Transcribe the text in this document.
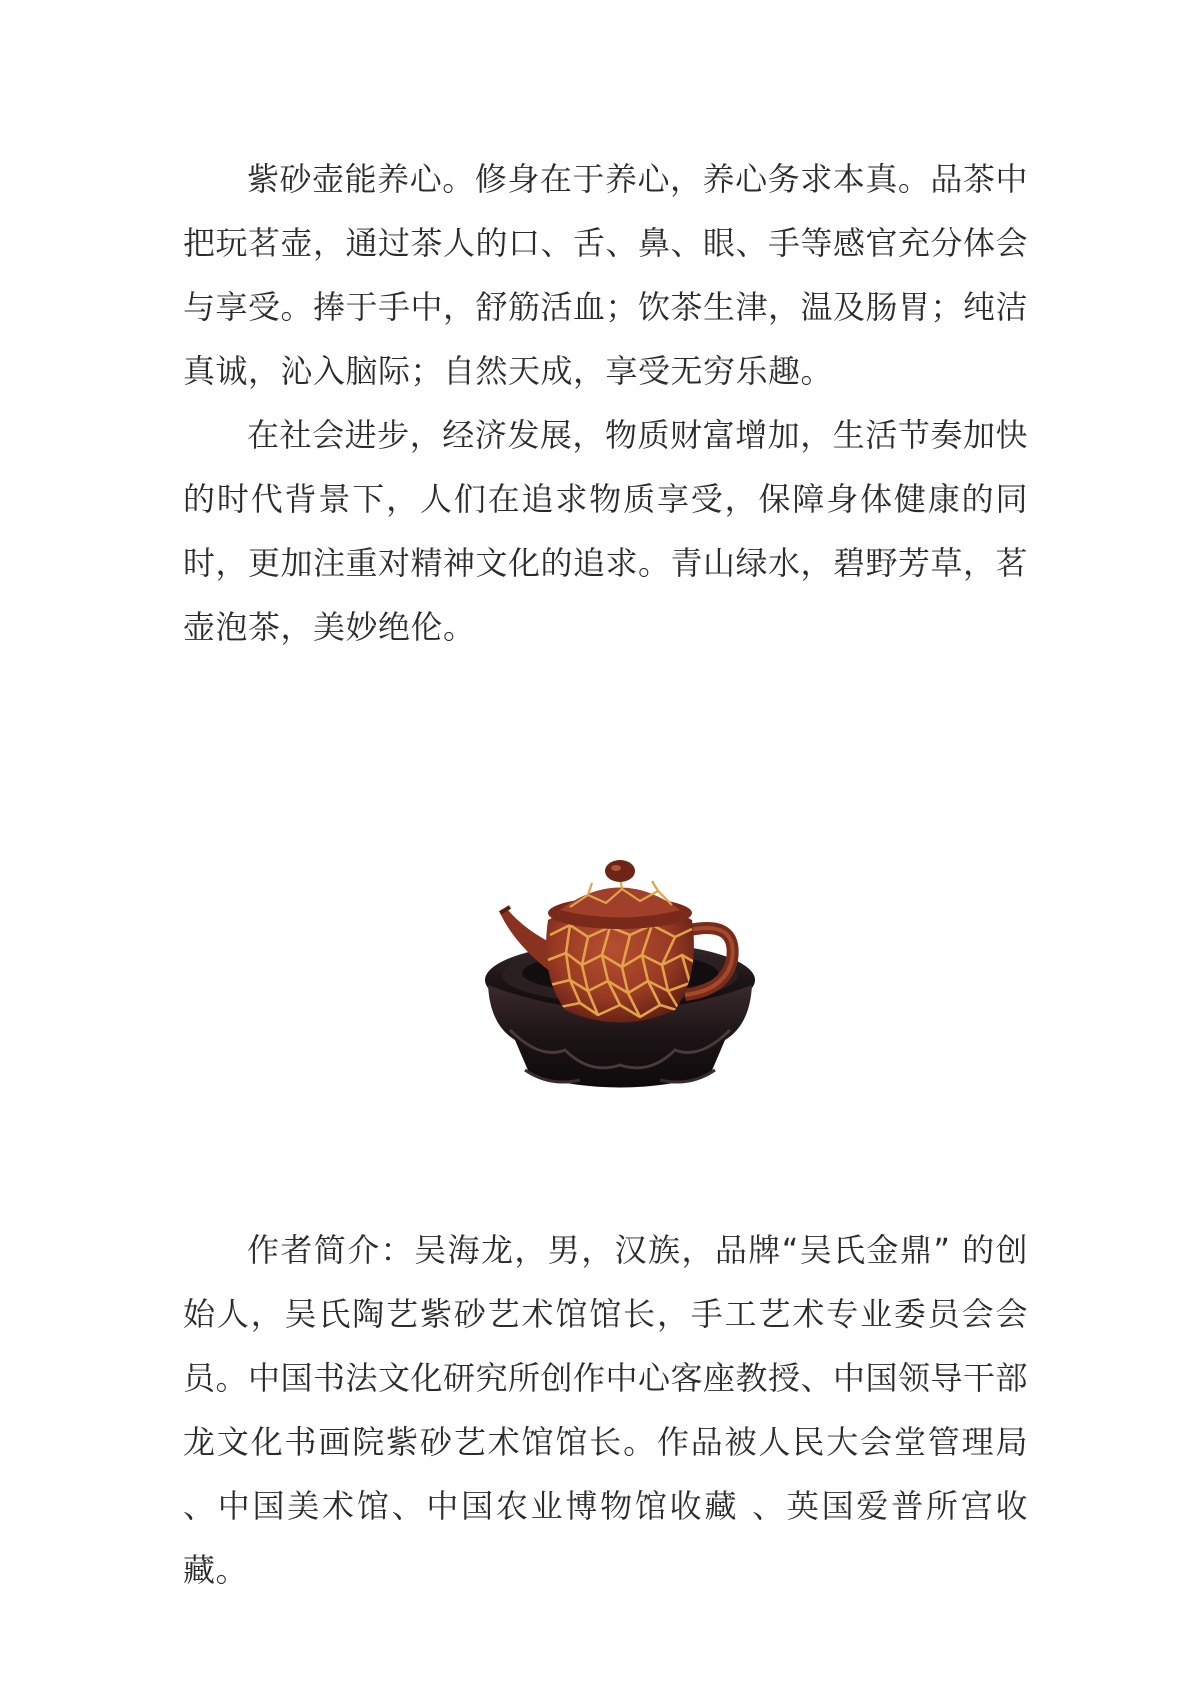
紫砂壶能养心。修身在于养心，养心务求本真。品茶中把玩茗壶，通过茶人的口、舌、鼻、眼、手等感官充分体会与享受。捧于手中，舒筋活血；饮茶生津，温及肠胃；纯洁真诚，沁入脑际；自然天成，享受无穷乐趣。

在社会进步，经济发展，物质财富增加，生活节奏加快的时代背景下，人们在追求物质享受，保障身体健康的同时，更加注重对精神文化的追求。青山绿水，碧野芳草，茗壶泡茶，美妙绝伦。

作者简介：吴海龙，男，汉族，品牌“吴氏金鼎” 的创始人，吴氏陶艺紫砂艺术馆馆长，手工艺术专业委员会会员。中国书法文化研究所创作中心客座教授、中国领导干部龙文化书画院紫砂艺术馆馆长。作品被人民大会堂管理局 、中国美术馆、中国农业博物馆收藏 、英国爱普所宫收藏。
